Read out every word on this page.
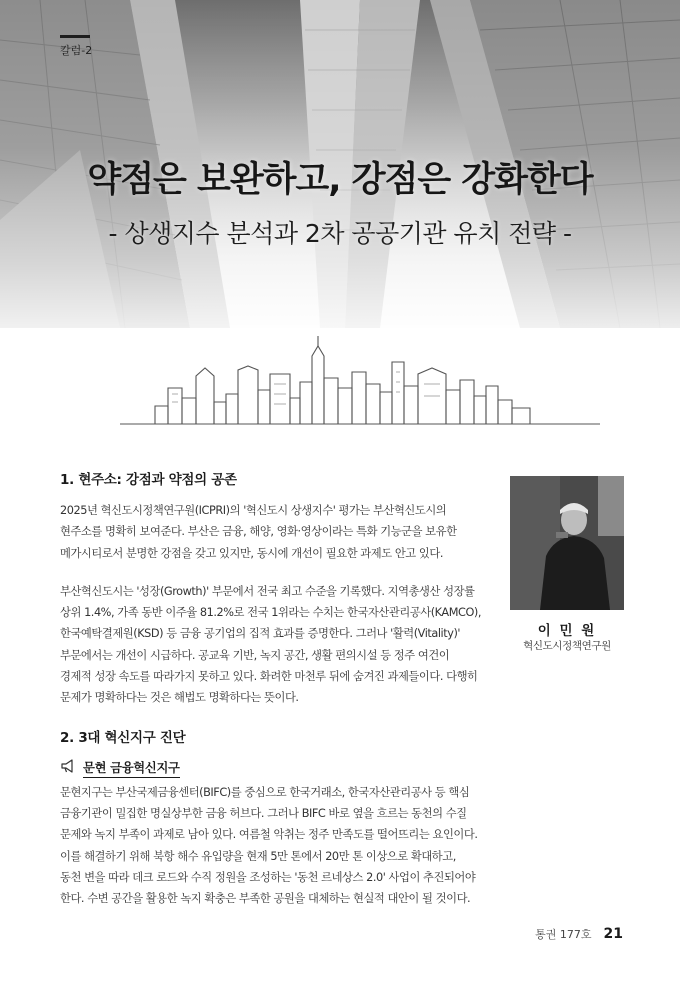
칼럼-2
약점은 보완하고, 강점은 강화한다
- 상생지수 분석과 2차 공공기관 유치 전략 -
이 민 원
혁신도시정책연구원
1. 현주소: 강점과 약점의 공존

2025년 혁신도시정책연구원(ICPRI)의 '혁신도시 상생지수' 평가는 부산혁신도시의

현주소를 명확히 보여준다. 부산은 금융, 해양, 영화·영상이라는 특화 기능군을 보유한

메가시티로서 분명한 강점을 갖고 있지만, 동시에 개선이 필요한 과제도 안고 있다.

부산혁신도시는 '성장(Growth)' 부문에서 전국 최고 수준을 기록했다. 지역총생산 성장률

상위 1.4%, 가족 동반 이주율 81.2%로 전국 1위라는 수치는 한국자산관리공사(KAMCO),

한국예탁결제원(KSD) 등 금융 공기업의 집적 효과를 증명한다. 그러나 '활력(Vitality)'

부문에서는 개선이 시급하다. 공교육 기반, 녹지 공간, 생활 편의시설 등 정주 여건이

경제적 성장 속도를 따라가지 못하고 있다. 화려한 마천루 뒤에 숨겨진 과제들이다. 다행히

문제가 명확하다는 것은 해법도 명확하다는 뜻이다.

2. 3대 혁신지구 진단
문현 금융혁신지구

문현지구는 부산국제금융센터(BIFC)를 중심으로 한국거래소, 한국자산관리공사 등 핵심

금융기관이 밀집한 명실상부한 금융 허브다. 그러나 BIFC 바로 옆을 흐르는 동천의 수질

문제와 녹지 부족이 과제로 남아 있다. 여름철 악취는 정주 만족도를 떨어뜨리는 요인이다.

이를 해결하기 위해 북항 해수 유입량을 현재 5만 톤에서 20만 톤 이상으로 확대하고,

동천 변을 따라 데크 로드와 수직 정원을 조성하는 '동천 르네상스 2.0' 사업이 추진되어야

한다. 수변 공간을 활용한 녹지 확충은 부족한 공원을 대체하는 현실적 대안이 될 것이다.

통권 177호 21
